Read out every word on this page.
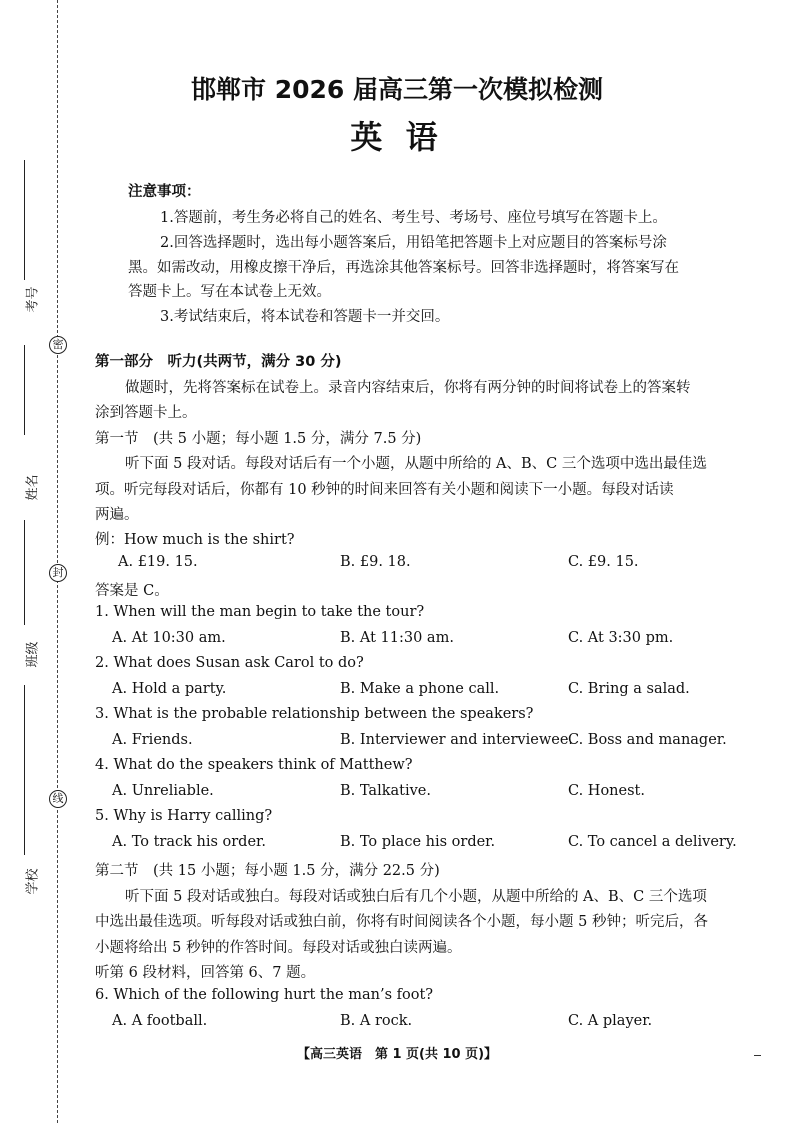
考号
姓名
班级
学校
密
封
线
邯郸市 2026 届高三第一次模拟检测
英 语
注意事项：
1.答题前，考生务必将自己的姓名、考生号、考场号、座位号填写在答题卡上。
2.回答选择题时，选出每小题答案后，用铅笔把答题卡上对应题目的答案标号涂
黑。如需改动，用橡皮擦干净后，再选涂其他答案标号。回答非选择题时，将答案写在
答题卡上。写在本试卷上无效。
3.考试结束后，将本试卷和答题卡一并交回。
第一部分　听力(共两节，满分 30 分)
做题时，先将答案标在试卷上。录音内容结束后，你将有两分钟的时间将试卷上的答案转
涂到答题卡上。
第一节　(共 5 小题；每小题 1.5 分，满分 7.5 分)
听下面 5 段对话。每段对话后有一个小题，从题中所给的 A、B、C 三个选项中选出最佳选
项。听完每段对话后，你都有 10 秒钟的时间来回答有关小题和阅读下一小题。每段对话读
两遍。
例：How much is the shirt?
A. £19. 15.	B. £9. 18.	C. £9. 15.
答案是 C。
1. When will the man begin to take the tour?
A. At 10:30 am.	B. At 11:30 am.	C. At 3:30 pm.
2. What does Susan ask Carol to do?
A. Hold a party.	B. Make a phone call.	C. Bring a salad.
3. What is the probable relationship between the speakers?
A. Friends.	B. Interviewer and interviewee.
C. Boss and manager.
4. What do the speakers think of Matthew?
A. Unreliable.	B. Talkative.	C. Honest.
5. Why is Harry calling?
A. To track his order.	B. To place his order.	C. To cancel a delivery.
第二节　(共 15 小题；每小题 1.5 分，满分 22.5 分)
听下面 5 段对话或独白。每段对话或独白后有几个小题，从题中所给的 A、B、C 三个选项
中选出最佳选项。听每段对话或独白前，你将有时间阅读各个小题，每小题 5 秒钟；听完后，各
小题将给出 5 秒钟的作答时间。每段对话或独白读两遍。
听第 6 段材料，回答第 6、7 题。
6. Which of the following hurt the man’s foot?
A. A football.	B. A rock.	C. A player.
【高三英语　第 1 页(共 10 页)】
